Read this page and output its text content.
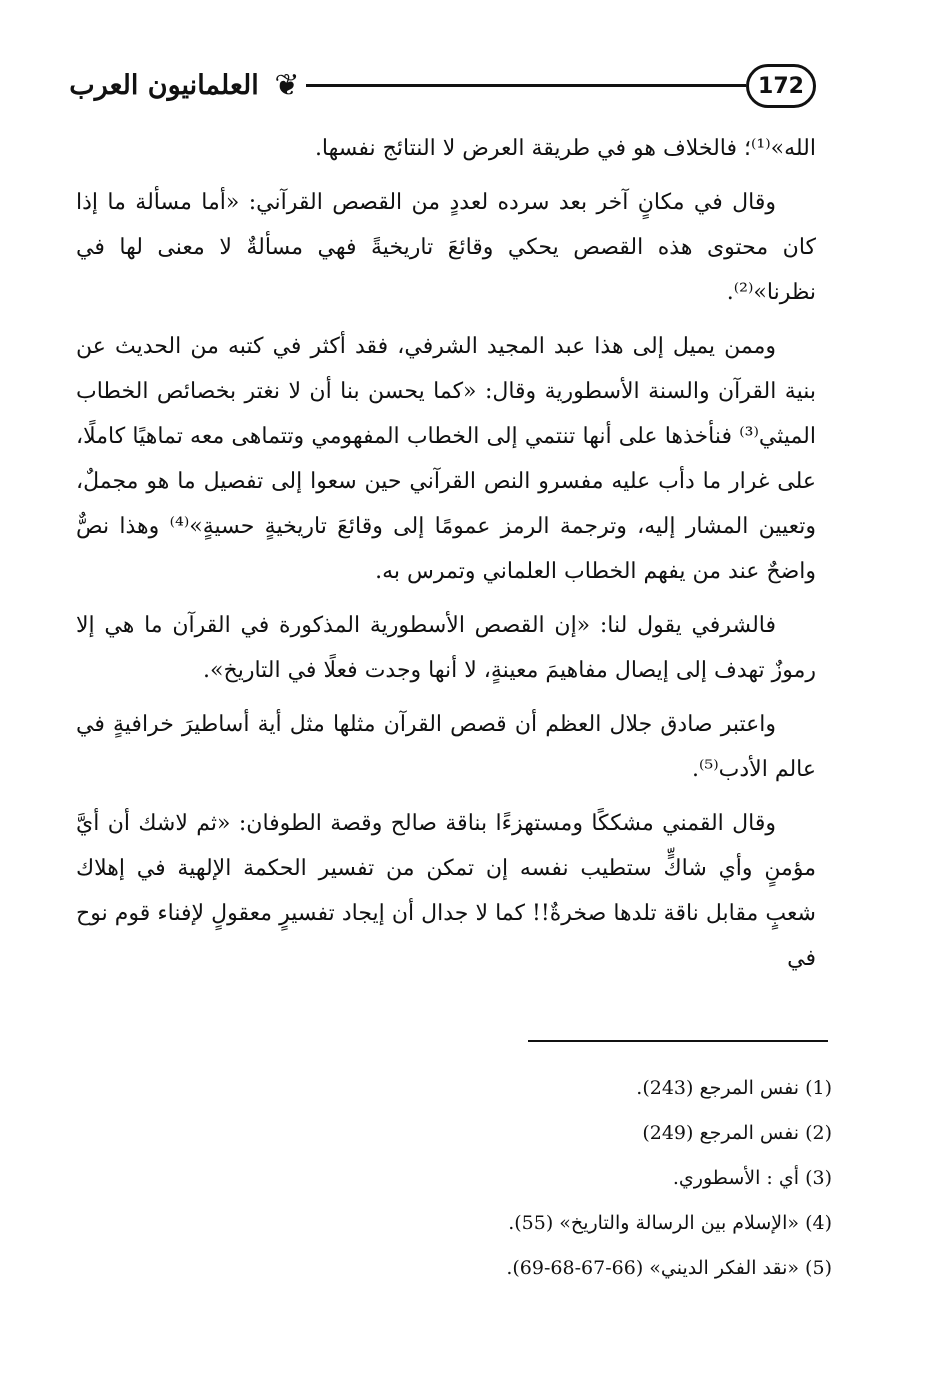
العلمانيون العرب ❦	172

الله»⁽¹⁾؛ فالخلاف هو في طريقة العرض لا النتائج نفسها.

وقال في مكانٍ آخر بعد سرده لعددٍ من القصص القرآني: «أما مسألة ما إذا كان محتوى هذه القصص يحكي وقائعَ تاريخيةً فهي مسألةٌ لا معنى لها في نظرنا»⁽²⁾.

وممن يميل إلى هذا عبد المجيد الشرفي، فقد أكثر في كتبه من الحديث عن بنية القرآن والسنة الأسطورية وقال: «كما يحسن بنا أن لا نغتر بخصائص الخطاب الميثي⁽³⁾ فنأخذها على أنها تنتمي إلى الخطاب المفهومي وتتماهى معه تماهيًا كاملًا، على غرار ما دأب عليه مفسرو النص القرآني حين سعوا إلى تفصيل ما هو مجملٌ، وتعيين المشار إليه، وترجمة الرمز عمومًا إلى وقائعَ تاريخيةٍ حسيةٍ»⁽⁴⁾ وهذا نصٌّ واضحٌ عند من يفهم الخطاب العلماني وتمرس به.

فالشرفي يقول لنا: «إن القصص الأسطورية المذكورة في القرآن ما هي إلا رموزٌ تهدف إلى إيصال مفاهيمَ معينةٍ، لا أنها وجدت فعلًا في التاريخ».

واعتبر صادق جلال العظم أن قصص القرآن مثلها مثل أية أساطيرَ خرافيةٍ في عالم الأدب⁽⁵⁾.

وقال القمني مشككًا ومستهزءًا بناقة صالح وقصة الطوفان: «ثم لاشك أن أيَّ مؤمنٍ وأي شاكٍّ ستطيب نفسه إن تمكن من تفسير الحكمة الإلهية في إهلاك شعبٍ مقابل ناقة تلدها صخرةٌ!! كما لا جدال أن إيجاد تفسيرٍ معقولٍ لإفناء قوم نوح في

(1) نفس المرجع (243).
(2) نفس المرجع (249)
(3) أي : الأسطوري.
(4) «الإسلام بين الرسالة والتاريخ» (55).
(5) «نقد الفكر الديني» (66-67-68-69).
